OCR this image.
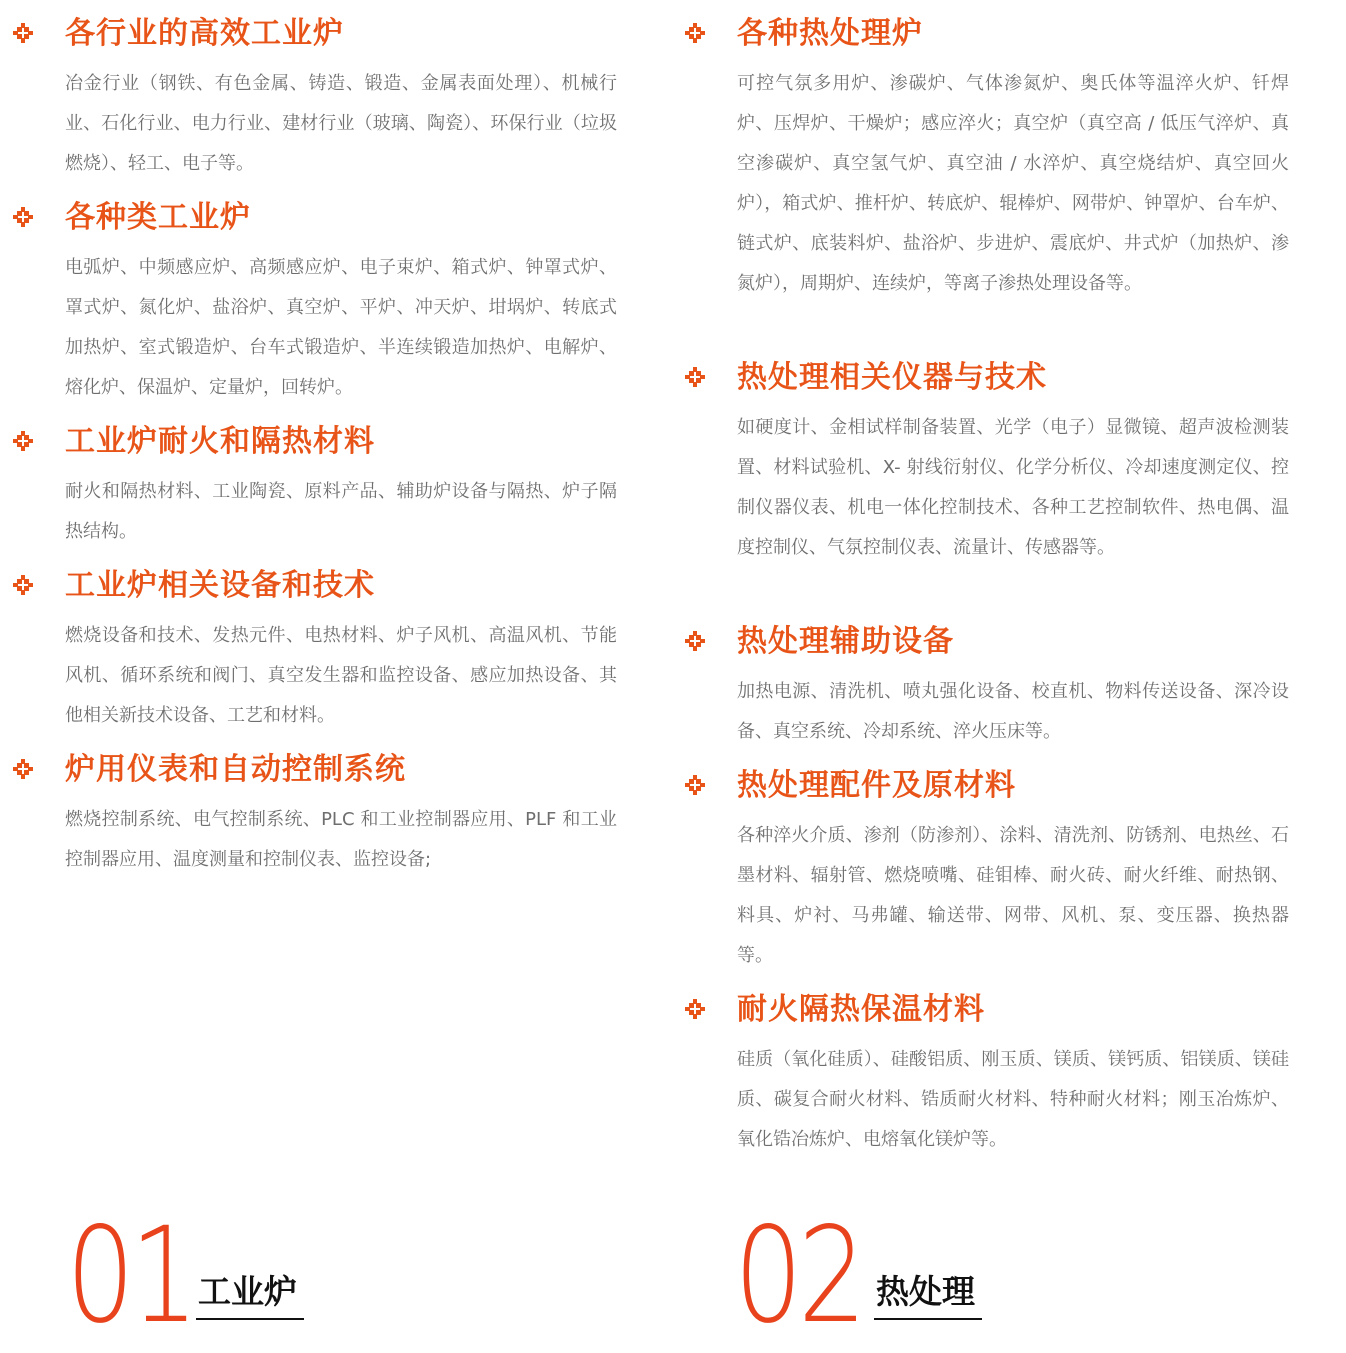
各行业的高效工业炉
冶金行业（钢铁、有色金属、铸造、锻造、金属表面处理）、机械行业、石化行业、电力行业、建材行业（玻璃、陶瓷）、环保行业（垃圾燃烧）、轻工、电子等。
各种类工业炉
电弧炉、中频感应炉、高频感应炉、电子束炉、箱式炉、钟罩式炉、罩式炉、氮化炉、盐浴炉、真空炉、平炉、冲天炉、坩埚炉、转底式加热炉、室式锻造炉、台车式锻造炉、半连续锻造加热炉、电解炉、熔化炉、保温炉、定量炉，回转炉。
工业炉耐火和隔热材料
耐火和隔热材料、工业陶瓷、原料产品、辅助炉设备与隔热、炉子隔热结构。
工业炉相关设备和技术
燃烧设备和技术、发热元件、电热材料、炉子风机、高温风机、节能风机、循环系统和阀门、真空发生器和监控设备、感应加热设备、其他相关新技术设备、工艺和材料。
炉用仪表和自动控制系统
燃烧控制系统、电气控制系统、PLC 和工业控制器应用、PLF 和工业控制器应用、温度测量和控制仪表、监控设备;
各种热处理炉
可控气氛多用炉、渗碳炉、气体渗氮炉、奥氏体等温淬火炉、钎焊炉、压焊炉、干燥炉；感应淬火；真空炉（真空高 / 低压气淬炉、真空渗碳炉、真空氢气炉、真空油 / 水淬炉、真空烧结炉、真空回火炉），箱式炉、推杆炉、转底炉、辊棒炉、网带炉、钟罩炉、台车炉、链式炉、底装料炉、盐浴炉、步进炉、震底炉、井式炉（加热炉、渗氮炉），周期炉、连续炉，等离子渗热处理设备等。
热处理相关仪器与技术
如硬度计、金相试样制备装置、光学（电子）显微镜、超声波检测装置、材料试验机、X- 射线衍射仪、化学分析仪、冷却速度测定仪、控制仪器仪表、机电一体化控制技术、各种工艺控制软件、热电偶、温度控制仪、气氛控制仪表、流量计、传感器等。
热处理辅助设备
加热电源、清洗机、喷丸强化设备、校直机、物料传送设备、深冷设备、真空系统、冷却系统、淬火压床等。
热处理配件及原材料
各种淬火介质、渗剂（防渗剂）、涂料、清洗剂、防锈剂、电热丝、石墨材料、辐射管、燃烧喷嘴、硅钼棒、耐火砖、耐火纤维、耐热钢、料具、炉衬、马弗罐、输送带、网带、风机、泵、变压器、换热器等。
耐火隔热保温材料
硅质（氧化硅质）、硅酸铝质、刚玉质、镁质、镁钙质、铝镁质、镁硅质、碳复合耐火材料、锆质耐火材料、特种耐火材料；刚玉冶炼炉、氧化锆冶炼炉、电熔氧化镁炉等。
01 工业炉	02 热处理
